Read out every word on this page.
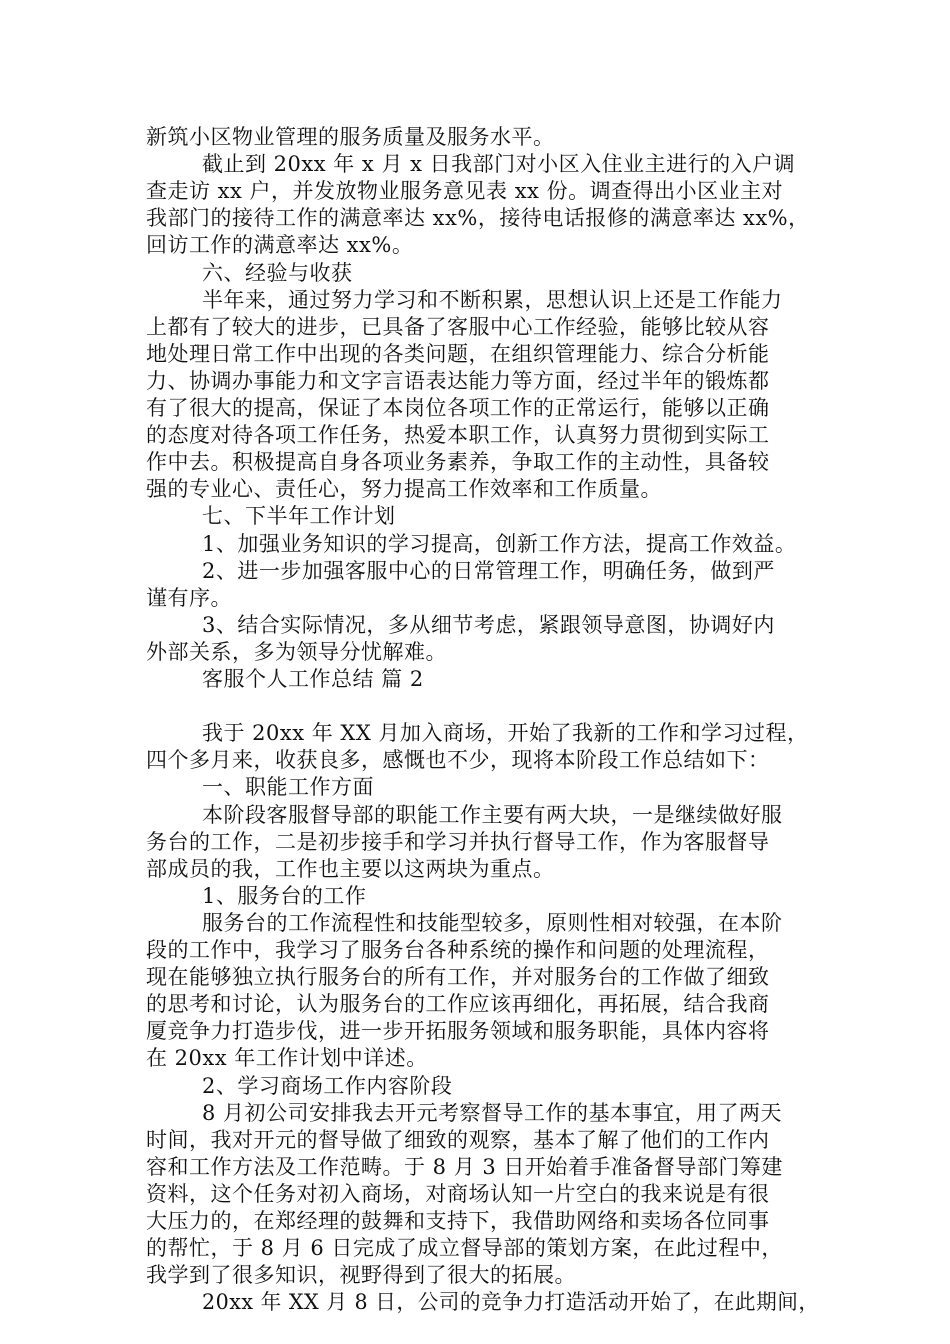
新筑小区物业管理的服务质量及服务水平。
截止到 20xx 年 x 月 x 日我部门对小区入住业主进行的入户调
查走访 xx 户，并发放物业服务意见表 xx 份。调查得出小区业主对
我部门的接待工作的满意率达 xx%，接待电话报修的满意率达 xx%，
回访工作的满意率达 xx%。
六、经验与收获
半年来，通过努力学习和不断积累，思想认识上还是工作能力
上都有了较大的进步，已具备了客服中心工作经验，能够比较从容
地处理日常工作中出现的各类问题，在组织管理能力、综合分析能
力、协调办事能力和文字言语表达能力等方面，经过半年的锻炼都
有了很大的提高，保证了本岗位各项工作的正常运行，能够以正确
的态度对待各项工作任务，热爱本职工作，认真努力贯彻到实际工
作中去。积极提高自身各项业务素养，争取工作的主动性，具备较
强的专业心、责任心，努力提高工作效率和工作质量。
七、下半年工作计划
1、加强业务知识的学习提高，创新工作方法，提高工作效益。
2、进一步加强客服中心的日常管理工作，明确任务，做到严
谨有序。
3、结合实际情况，多从细节考虑，紧跟领导意图，协调好内
外部关系，多为领导分忧解难。
客服个人工作总结 篇 2
我于 20xx 年 XX 月加入商场，开始了我新的工作和学习过程，
四个多月来，收获良多，感慨也不少，现将本阶段工作总结如下：
一、职能工作方面
本阶段客服督导部的职能工作主要有两大块，一是继续做好服
务台的工作，二是初步接手和学习并执行督导工作，作为客服督导
部成员的我，工作也主要以这两块为重点。
1、服务台的工作
服务台的工作流程性和技能型较多，原则性相对较强，在本阶
段的工作中，我学习了服务台各种系统的操作和问题的处理流程，
现在能够独立执行服务台的所有工作，并对服务台的工作做了细致
的思考和讨论，认为服务台的工作应该再细化，再拓展，结合我商
厦竞争力打造步伐，进一步开拓服务领域和服务职能，具体内容将
在 20xx 年工作计划中详述。
2、学习商场工作内容阶段
8 月初公司安排我去开元考察督导工作的基本事宜，用了两天
时间，我对开元的督导做了细致的观察，基本了解了他们的工作内
容和工作方法及工作范畴。于 8 月 3 日开始着手准备督导部门筹建
资料，这个任务对初入商场，对商场认知一片空白的我来说是有很
大压力的，在郑经理的鼓舞和支持下，我借助网络和卖场各位同事
的帮忙，于 8 月 6 日完成了成立督导部的策划方案，在此过程中，
我学到了很多知识，视野得到了很大的拓展。
20xx 年 XX 月 8 日，公司的竞争力打造活动开始了，在此期间，
